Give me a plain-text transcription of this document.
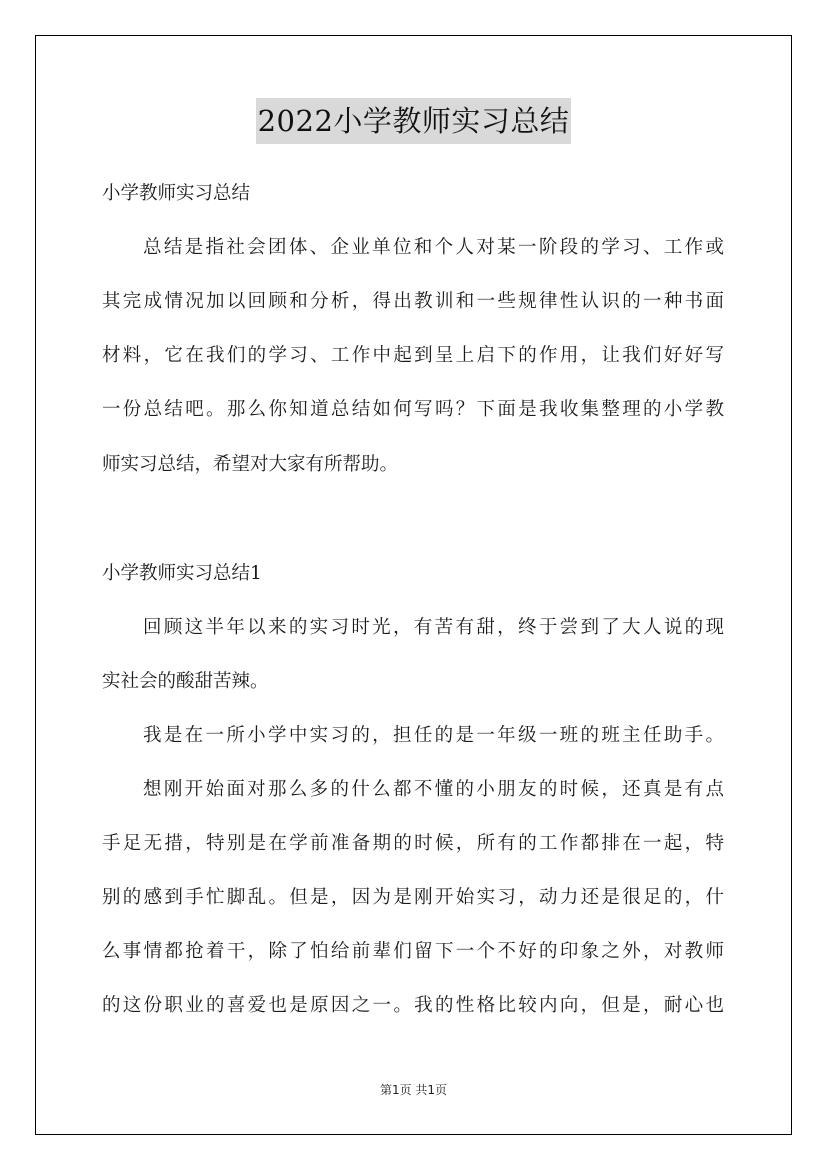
2022小学教师实习总结
小学教师实习总结
总结是指社会团体、企业单位和个人对某一阶段的学习、工作或
其完成情况加以回顾和分析，得出教训和一些规律性认识的一种书面
材料，它在我们的学习、工作中起到呈上启下的作用，让我们好好写
一份总结吧。那么你知道总结如何写吗？下面是我收集整理的小学教
师实习总结，希望对大家有所帮助。
小学教师实习总结1
回顾这半年以来的实习时光，有苦有甜，终于尝到了大人说的现
实社会的酸甜苦辣。
我是在一所小学中实习的，担任的是一年级一班的班主任助手。
想刚开始面对那么多的什么都不懂的小朋友的时候，还真是有点
手足无措，特别是在学前准备期的时候，所有的工作都排在一起，特
别的感到手忙脚乱。但是，因为是刚开始实习，动力还是很足的，什
么事情都抢着干，除了怕给前辈们留下一个不好的印象之外，对教师
的这份职业的喜爱也是原因之一。我的性格比较内向，但是，耐心也
第1页 共1页
